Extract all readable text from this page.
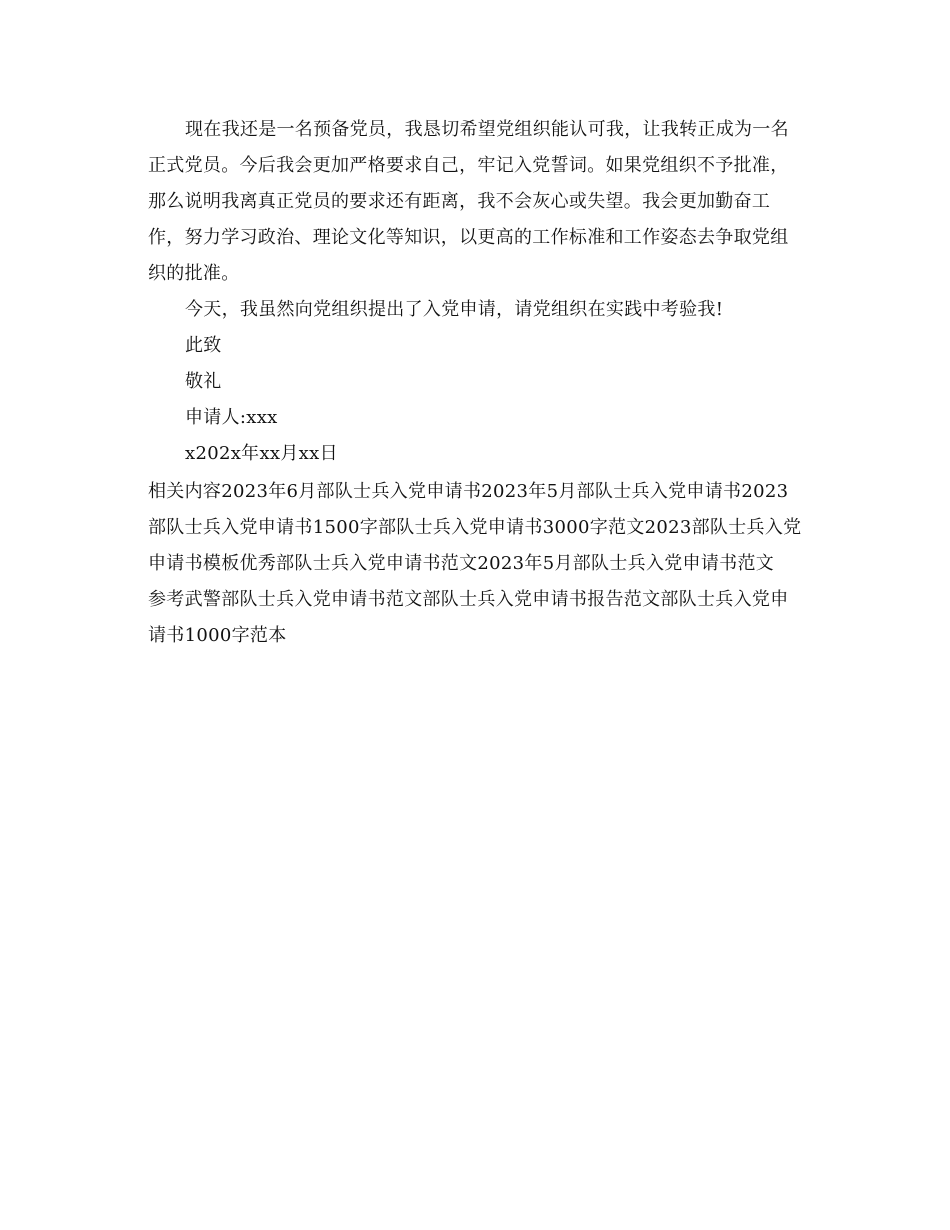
现在我还是一名预备党员，我恳切希望党组织能认可我，让我转正成为一名
正式党员。今后我会更加严格要求自己，牢记入党誓词。如果党组织不予批准，
那么说明我离真正党员的要求还有距离，我不会灰心或失望。我会更加勤奋工
作，努力学习政治、理论文化等知识，以更高的工作标准和工作姿态去争取党组
织的批准。
今天，我虽然向党组织提出了入党申请，请党组织在实践中考验我!
此致
敬礼
申请人:xxx
x202x年xx月xx日
相关内容2023年6月部队士兵入党申请书2023年5月部队士兵入党申请书2023
部队士兵入党申请书1500字部队士兵入党申请书3000字范文2023部队士兵入党
申请书模板优秀部队士兵入党申请书范文2023年5月部队士兵入党申请书范文
参考武警部队士兵入党申请书范文部队士兵入党申请书报告范文部队士兵入党申
请书1000字范本
